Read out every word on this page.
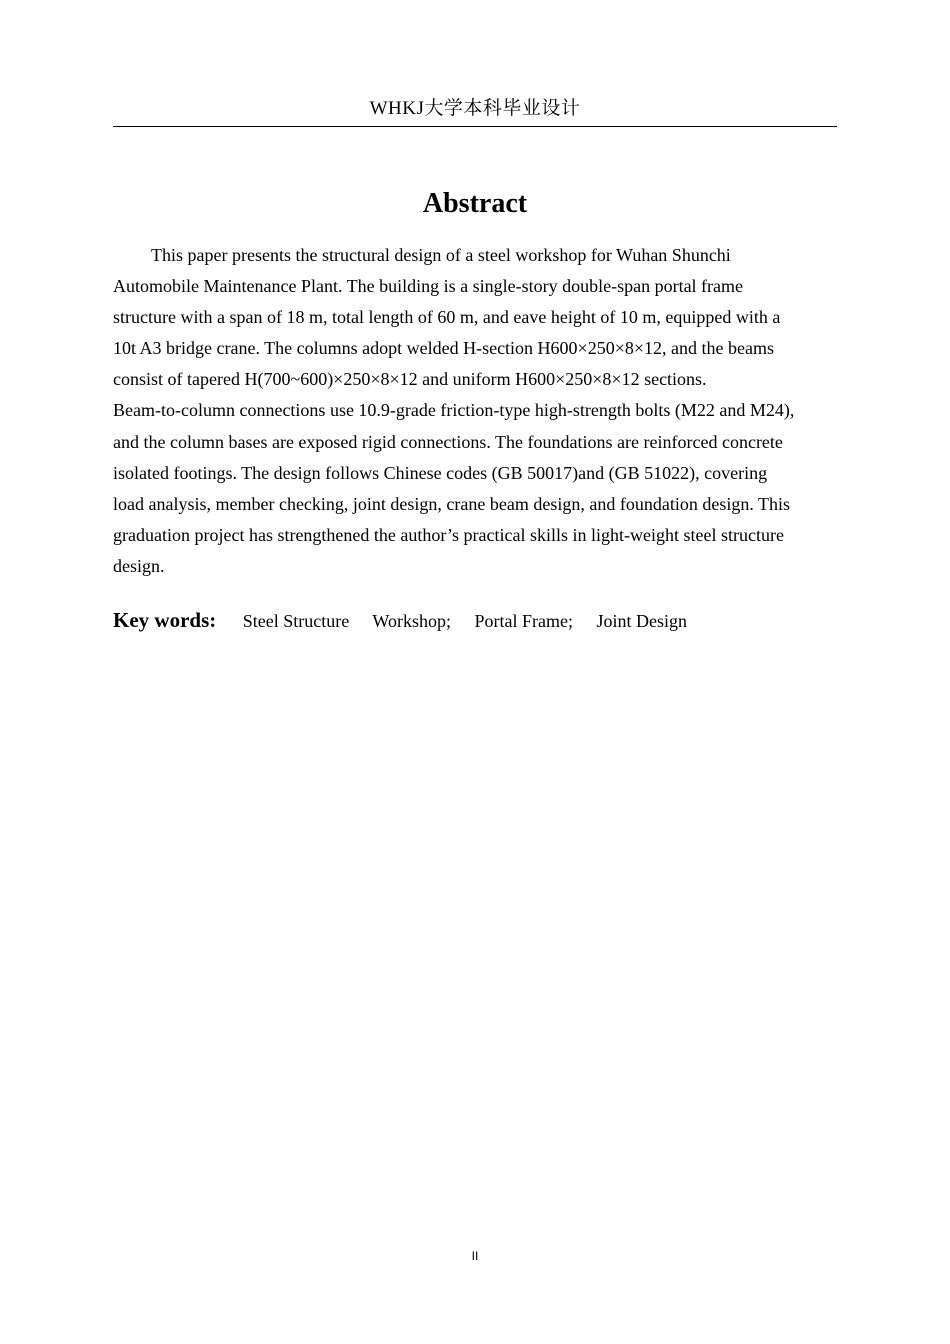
WHKJ大学本科毕业设计
Abstract
This paper presents the structural design of a steel workshop for Wuhan Shunchi
Automobile Maintenance Plant. The building is a single-story double-span portal frame
structure with a span of 18 m, total length of 60 m, and eave height of 10 m, equipped with a
10t A3 bridge crane. The columns adopt welded H-section H600×250×8×12, and the beams
consist of tapered H(700~600)×250×8×12 and uniform H600×250×8×12 sections.
Beam-to-column connections use 10.9-grade friction-type high-strength bolts (M22 and M24),
and the column bases are exposed rigid connections. The foundations are reinforced concrete
isolated footings. The design follows Chinese codes (GB 50017)and (GB 51022), covering
load analysis, member checking, joint design, crane beam design, and foundation design. This
graduation project has strengthened the author’s practical skills in light-weight steel structure
design.
Key words: Steel Structure Workshop; Portal Frame; Joint Design
II
